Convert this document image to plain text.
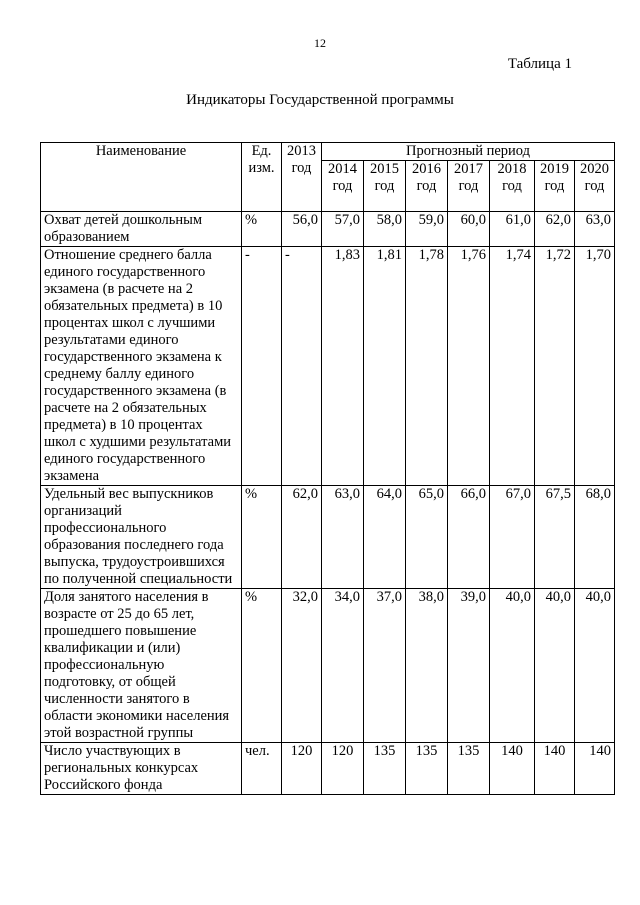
12
Таблица 1
Индикаторы Государственной программы
Наименование	Ед. изм.	2013 год	Прогнозный период						
			2014 год	2015 год	2016 год	2017 год	2018 год	2019 год	2020 год
Охват детей дошкольным образованием	%	56,0	57,0	58,0	59,0	60,0	61,0	62,0	63,0
Отношение среднего балла единого государственного экзамена (в расчете на 2 обязательных предмета) в 10 процентах школ с лучшими результатами единого государственного экзамена к среднему баллу единого государственного экзамена (в расчете на 2 обязательных предмета) в 10 процентах школ с худшими результатами единого государственного экзамена	-	-	1,83	1,81	1,78	1,76	1,74	1,72	1,70
Удельный вес выпускников организаций профессионального образования последнего года выпуска, трудоустроившихся по полученной специальности	%	62,0	63,0	64,0	65,0	66,0	67,0	67,5	68,0
Доля занятого населения в возрасте от 25 до 65 лет, прошедшего повышение квалификации и (или) профессиональную подготовку, от общей численности занятого в области экономики населения этой возрастной группы	%	32,0	34,0	37,0	38,0	39,0	40,0	40,0	40,0
Число участвующих в региональных конкурсах Российского фонда	чел.	120	120	135	135	135	140	140	140
